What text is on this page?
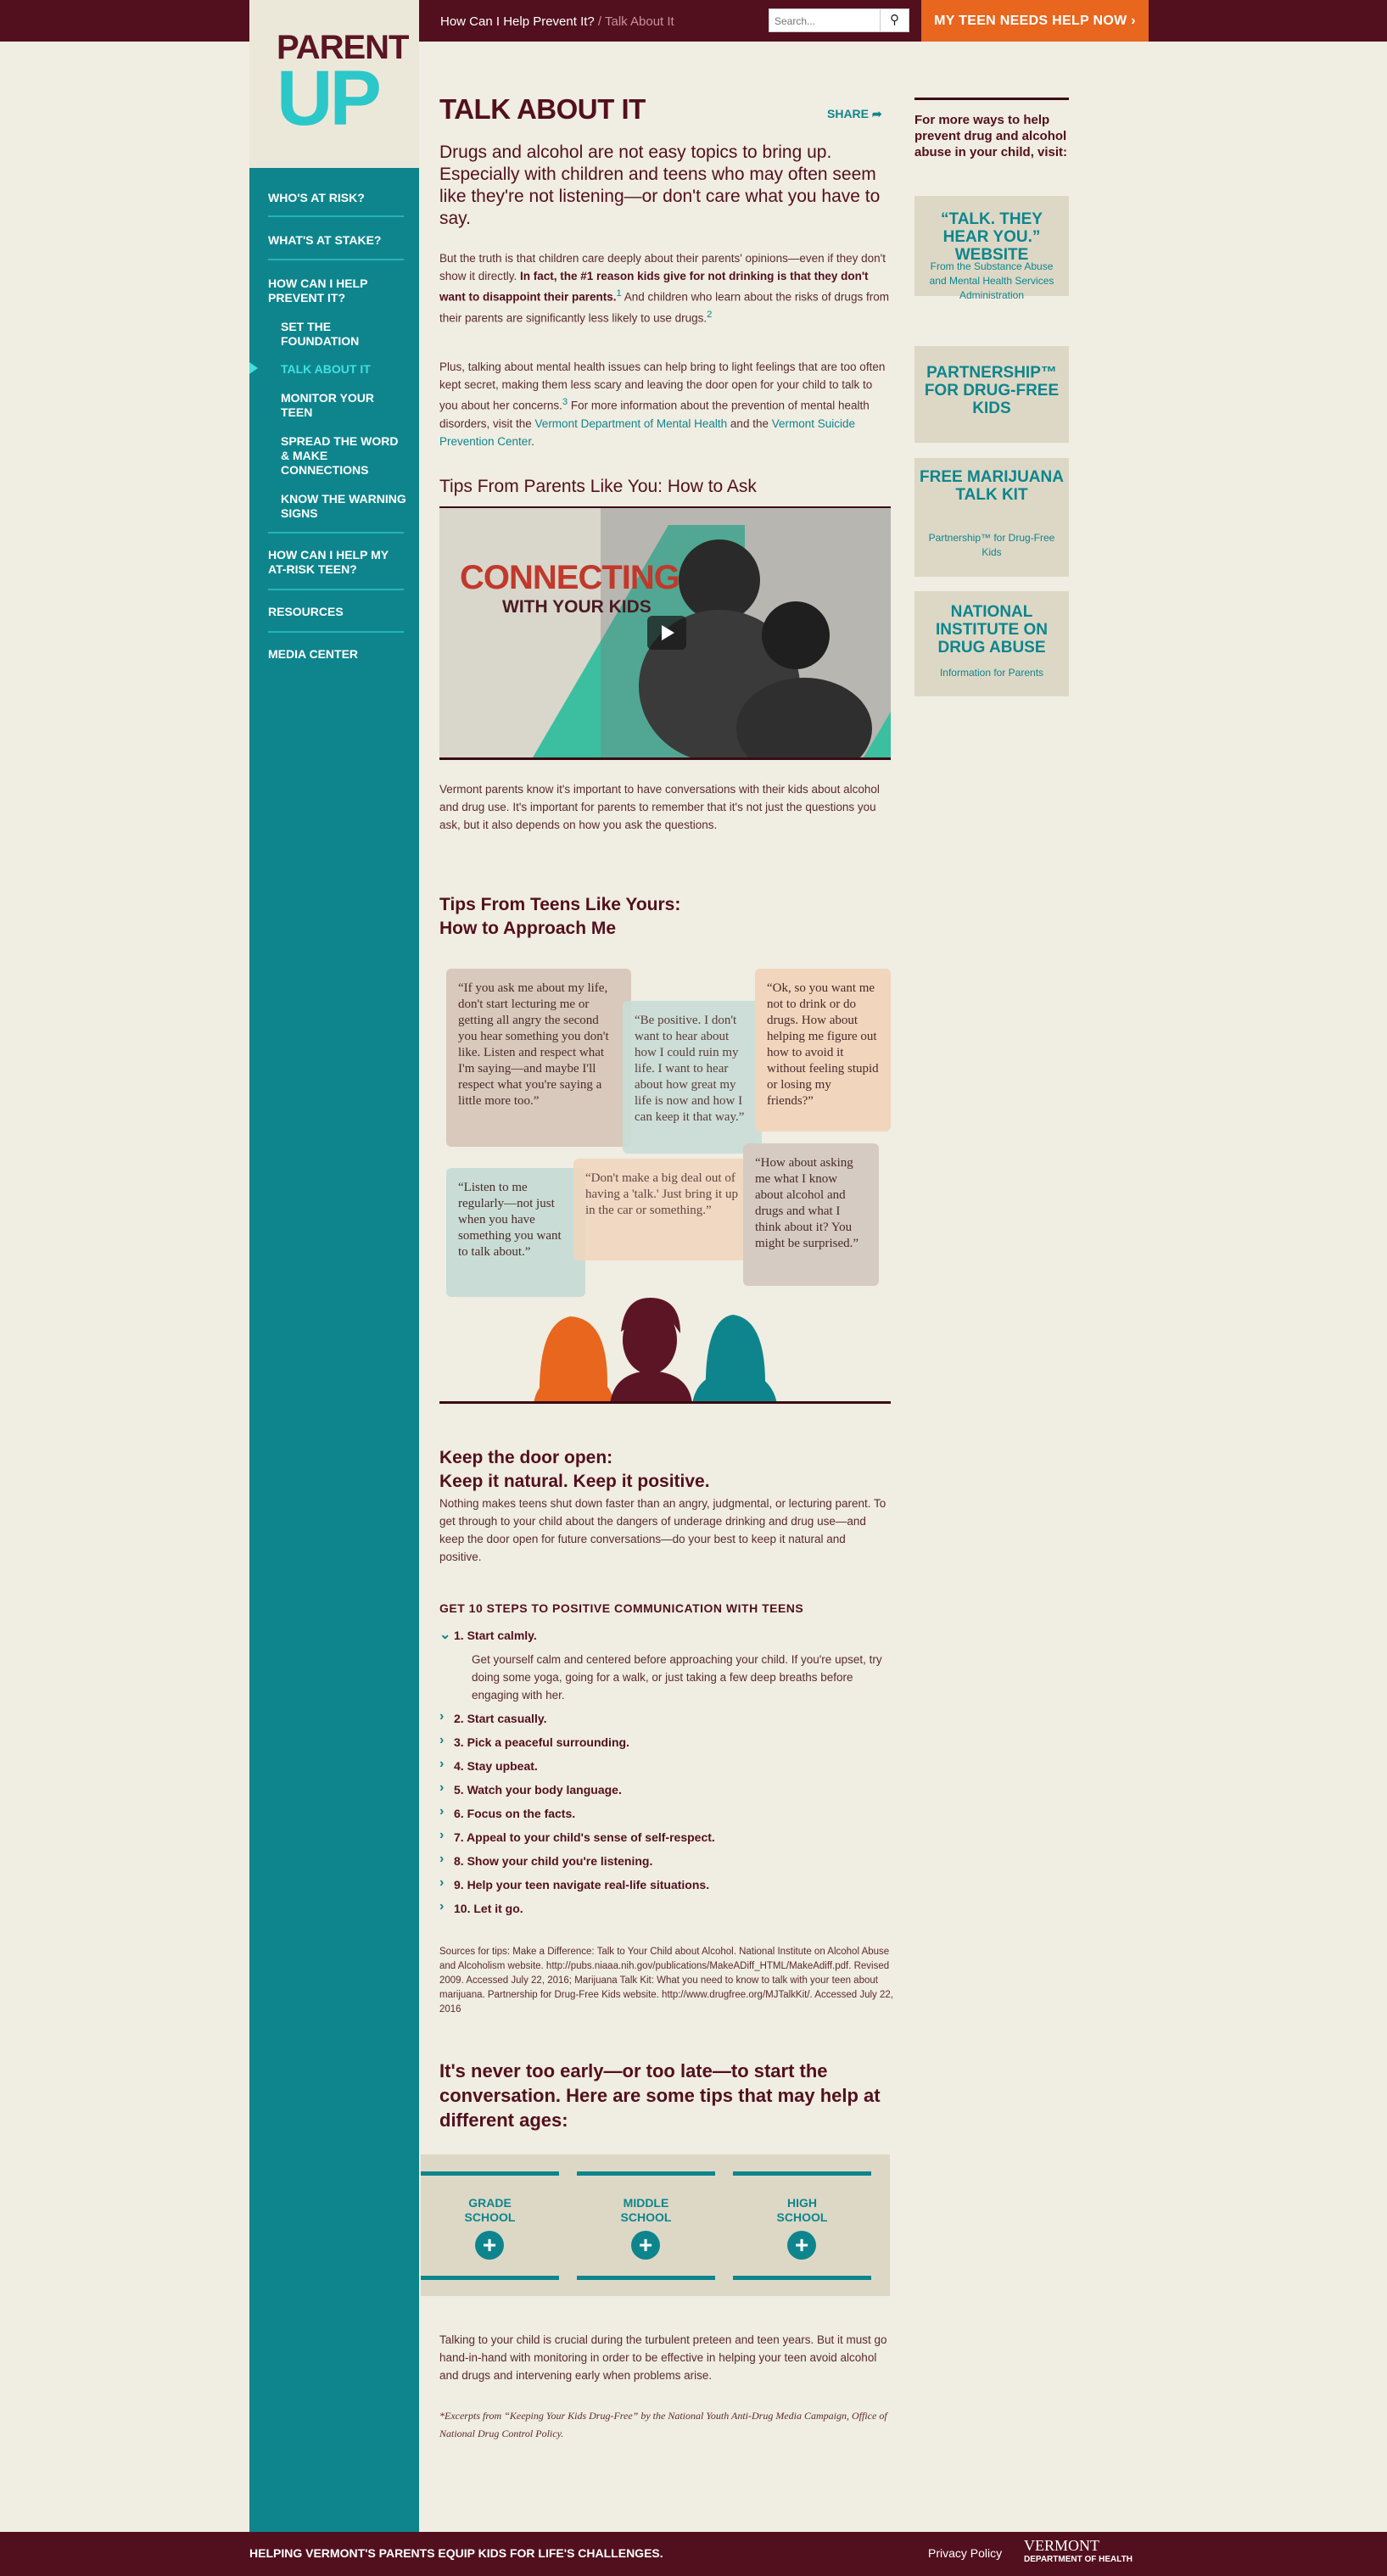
How Can I Help Prevent It? / Talk About It
Search...	⚲	MY TEEN NEEDS HELP NOW ›
PARENT
UP
WHO'S AT RISK?
WHAT'S AT STAKE?
HOW CAN I HELP PREVENT IT?
SET THE FOUNDATION
TALK ABOUT IT
MONITOR YOUR TEEN
SPREAD THE WORD & MAKE CONNECTIONS
KNOW THE WARNING SIGNS
HOW CAN I HELP MY AT-RISK TEEN?
RESOURCES
MEDIA CENTER
TALK ABOUT IT	SHARE ➦
Drugs and alcohol are not easy topics to bring up. Especially with children and teens who may often seem like they're not listening—or don't care what you have to say.
But the truth is that children care deeply about their parents' opinions—even if they don't show it directly. In fact, the #1 reason kids give for not drinking is that they don't want to disappoint their parents.$^1$ And children who learn about the risks of drugs from their parents are significantly less likely to use drugs.$^2$
Plus, talking about mental health issues can help bring to light feelings that are too often kept secret, making them less scary and leaving the door open for your child to talk to you about her concerns.$^3$ For more information about the prevention of mental health disorders, visit the Vermont Department of Mental Health and the Vermont Suicide Prevention Center.
Tips From Parents Like You: How to Ask
CONNECTING
WITH YOUR KIDS
Vermont parents know it's important to have conversations with their kids about alcohol and drug use. It's important for parents to remember that it's not just the questions you ask, but it also depends on how you ask the questions.
Tips From Teens Like Yours:
How to Approach Me
“If you ask me about my life, don't start lecturing me or getting all angry the second you hear something you don't like. Listen and respect what I'm saying—and maybe I'll respect what you're saying a little more too.”
“Be positive. I don't want to hear about how I could ruin my life. I want to hear about how great my life is now and how I can keep it that way.”
“Ok, so you want me not to drink or do drugs. How about helping me figure out how to avoid it without feeling stupid or losing my friends?”
“Listen to me regularly—not just when you have something you want to talk about.”
“Don't make a big deal out of having a 'talk.' Just bring it up in the car or something.”
“How about asking me what I know about alcohol and drugs and what I think about it? You might be surprised.”
Keep the door open:
Keep it natural. Keep it positive.
Nothing makes teens shut down faster than an angry, judgmental, or lecturing parent. To get through to your child about the dangers of underage drinking and drug use—and keep the door open for future conversations—do your best to keep it natural and positive.
GET 10 STEPS TO POSITIVE COMMUNICATION WITH TEENS
⌄ 1. Start calmly.
Get yourself calm and centered before approaching your child. If you're upset, try doing some yoga, going for a walk, or just taking a few deep breaths before engaging with her.
› 2. Start casually.
› 3. Pick a peaceful surrounding.
› 4. Stay upbeat.
› 5. Watch your body language.
› 6. Focus on the facts.
› 7. Appeal to your child's sense of self-respect.
› 8. Show your child you're listening.
› 9. Help your teen navigate real-life situations.
› 10. Let it go.
Sources for tips: Make a Difference: Talk to Your Child about Alcohol. National Institute on Alcohol Abuse and Alcoholism website. http://pubs.niaaa.nih.gov/publications/MakeADiff_HTML/MakeAdiff.pdf. Revised 2009. Accessed July 22, 2016; Marijuana Talk Kit: What you need to know to talk with your teen about marijuana. Partnership for Drug-Free Kids website. http://www.drugfree.org/MJTalkKit/. Accessed July 22, 2016
It's never too early—or too late—to start the conversation. Here are some tips that may help at different ages:
GRADE
SCHOOL
+
MIDDLE
SCHOOL
+
HIGH
SCHOOL
+
Talking to your child is crucial during the turbulent preteen and teen years. But it must go hand-in-hand with monitoring in order to be effective in helping your teen avoid alcohol and drugs and intervening early when problems arise.
*Excerpts from “Keeping Your Kids Drug-Free” by the National Youth Anti-Drug Media Campaign, Office of National Drug Control Policy.
For more ways to help prevent drug and alcohol abuse in your child, visit:
“TALK. THEY HEAR YOU.” WEBSITE
From the Substance Abuse and Mental Health Services Administration
PARTNERSHIP™ FOR DRUG-FREE KIDS
FREE MARIJUANA TALK KIT
Partnership™ for Drug-Free Kids
NATIONAL INSTITUTE ON DRUG ABUSE
Information for Parents
HELPING VERMONT'S PARENTS EQUIP KIDS FOR LIFE'S CHALLENGES.	Privacy Policy VERMONT
DEPARTMENT OF HEALTH
